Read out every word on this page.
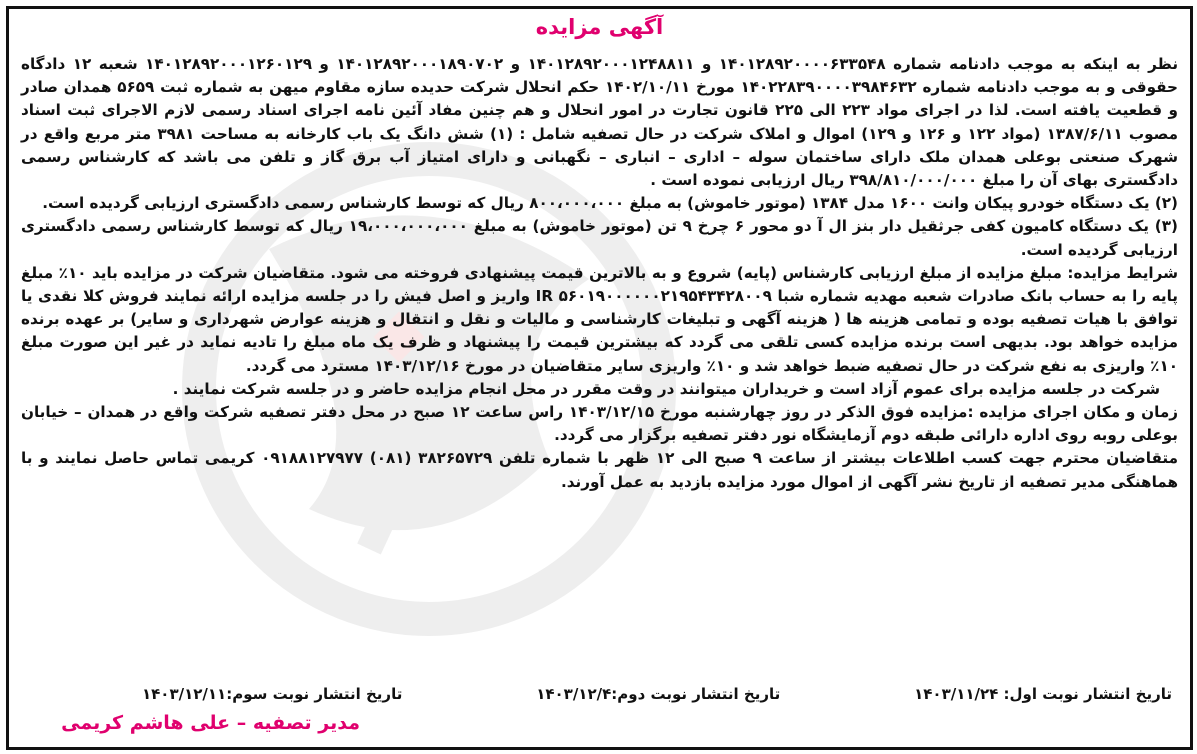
آگهی مزایده

نظر به اینکه به موجب دادنامه شماره ۱۴۰۱۲۸۹۲۰۰۰۰۶۳۳۵۴۸ و ۱۴۰۱۲۸۹۲۰۰۰۱۲۴۸۸۱۱ و ۱۴۰۱۲۸۹۲۰۰۰۱۸۹۰۷۰۲ و ۱۴۰۱۲۸۹۲۰۰۰۱۲۶۰۱۲۹ شعبه ۱۲ دادگاه حقوقی و به موجب دادنامه شماره ۱۴۰۲۲۸۳۹۰۰۰۰۳۹۸۴۶۳۲ مورخ ۱۴۰۲/۱۰/۱۱ حکم انحلال شرکت حدیده سازه مقاوم میهن به شماره ثبت ۵۶۵۹ همدان صادر و قطعیت یافته است. لذا در اجرای مواد ۲۲۳ الی ۲۲۵ قانون تجارت در امور انحلال و هم چنین مفاد آئین نامه اجرای اسناد رسمی لازم الاجرای ثبت اسناد مصوب ۱۳۸۷/۶/۱۱ (مواد ۱۲۲ و ۱۲۶ و ۱۲۹) اموال و املاک شرکت در حال تصفیه شامل : (۱) شش دانگ یک باب کارخانه به مساحت ۳۹۸۱ متر مربع واقع در شهرک صنعتی بوعلی همدان ملک دارای ساختمان سوله – اداری – انباری – نگهبانی و دارای امتیاز آب برق گاز و تلفن می باشد که کارشناس رسمی دادگستری بهای آن را مبلغ ۳۹۸/۸۱۰/۰۰۰/۰۰۰ ریال ارزیابی نموده است .

(۲) یک دستگاه خودرو پیکان وانت ۱۶۰۰ مدل ۱۳۸۴ (موتور خاموش) به مبلغ ۸۰۰،۰۰۰،۰۰۰ ریال که توسط کارشناس رسمی دادگستری ارزیابی گردیده است.

(۳) یک دستگاه کامیون کفی جرثقیل دار بنز ال آ دو محور ۶ چرخ ۹ تن (موتور خاموش) به مبلغ ۱۹،۰۰۰،۰۰۰،۰۰۰ ریال که توسط کارشناس رسمی دادگستری ارزیابی گردیده است.

شرایط مزایده: مبلغ مزایده از مبلغ ارزیابی کارشناس (پایه) شروع و به بالاترین قیمت پیشنهادی فروخته می شود. متقاضیان شرکت در مزایده باید ۱۰٪ مبلغ پایه را به حساب بانک صادرات شعبه مهدیه شماره شبا IR ۵۶۰۱۹۰۰۰۰۰۰۲۱۹۵۴۳۴۲۸۰۰۹ واریز و اصل فیش را در جلسه مزایده ارائه نمایند فروش کلا نقدی یا توافق با هیات تصفیه بوده و تمامی هزینه ها ( هزینه آگهی و تبلیغات کارشناسی و مالیات و نقل و انتقال و هزینه عوارض شهرداری و سایر) بر عهده برنده مزایده خواهد بود. بدیهی است برنده مزایده کسی تلقی می گردد که بیشترین قیمت را پیشنهاد و ظرف یک ماه مبلغ را تادیه نماید در غیر این صورت مبلغ ۱۰٪ واریزی به نفع شرکت در حال تصفیه ضبط خواهد شد و ۱۰٪ واریزی سایر متقاضیان در مورخ ۱۴۰۳/۱۲/۱۶ مسترد می گردد.

شرکت در جلسه مزایده برای عموم آزاد است و خریداران میتوانند در وقت مقرر در محل انجام مزایده حاضر و در جلسه شرکت نمایند .

زمان و مکان اجرای مزایده :مزایده فوق الذکر در روز چهارشنبه مورخ ۱۴۰۳/۱۲/۱۵ راس ساعت ۱۲ صبح در محل دفتر تصفیه شرکت واقع در همدان – خیابان بوعلی روبه روی اداره دارائی طبقه دوم آزمایشگاه نور دفتر تصفیه برگزار می گردد.

متقاضیان محترم جهت کسب اطلاعات بیشتر از ساعت ۹ صبح الی ۱۲ ظهر با شماره تلفن ۳۸۲۶۵۷۲۹ (۰۸۱) ۰۹۱۸۸۱۲۷۹۷۷ کریمی تماس حاصل نمایند و با هماهنگی مدیر تصفیه از تاریخ نشر آگهی از اموال مورد مزایده بازدید به عمل آورند.

تاریخ انتشار نوبت اول: ۱۴۰۳/۱۱/۲۴
تاریخ انتشار نوبت دوم:۱۴۰۳/۱۲/۴
تاریخ انتشار نوبت سوم:۱۴۰۳/۱۲/۱۱
مدیر تصفیه – علی هاشم کریمی
